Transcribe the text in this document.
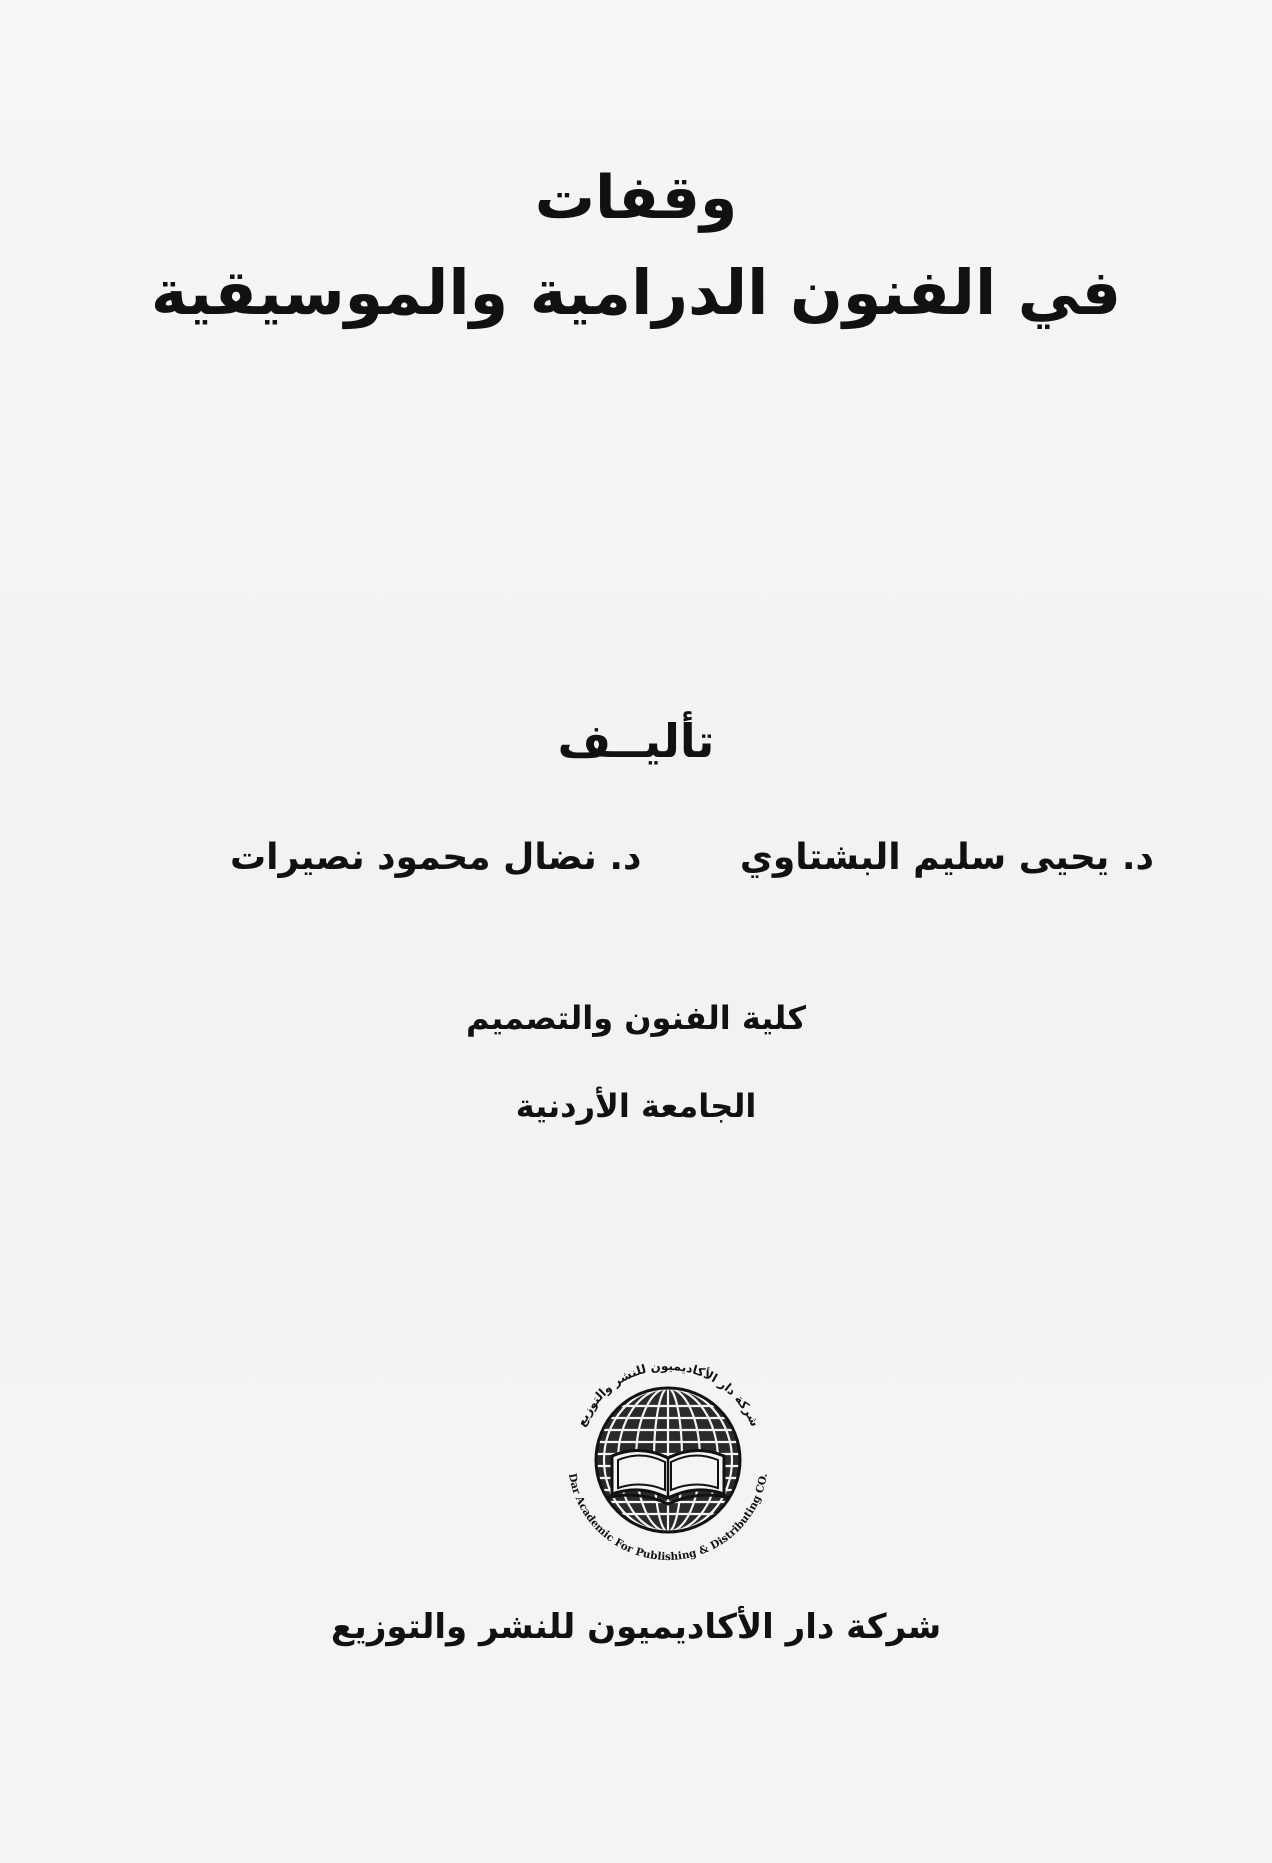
وقفات
في الفنون الدرامية والموسيقية
تأليــف
د. يحيى سليم البشتاوي
د. نضال محمود نصيرات
كلية الفنون والتصميم
الجامعة الأردنية
شركة دار الأكاديميون للنشر والتوزيع
Dar Academic For Publishing & Distributing CO.
شركة دار الأكاديميون للنشر والتوزيع
